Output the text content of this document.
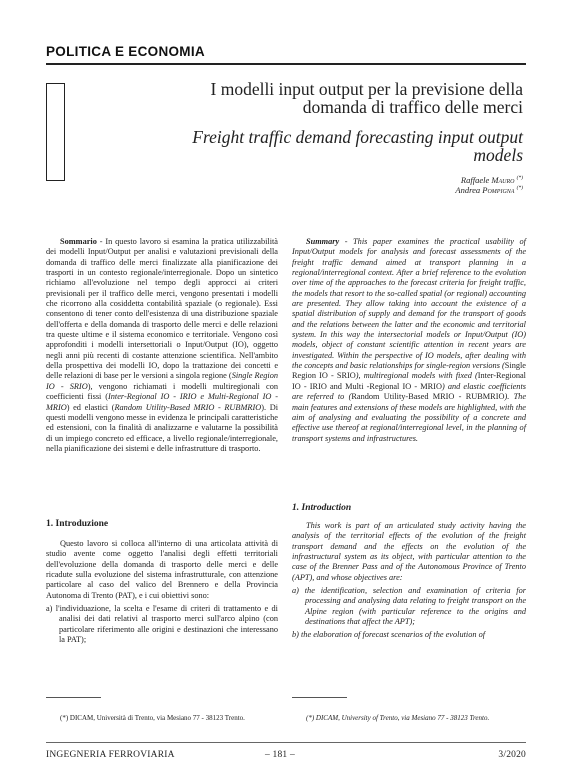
POLITICA E ECONOMIA
I modelli input output per la previsione della domanda di traffico delle merci
Freight traffic demand forecasting input output models
Raffaele Mauro (*)
Andrea Pompigna (*)
Sommario - In questo lavoro si esamina la pratica utilizzabilità dei modelli Input/Output per analisi e valutazioni previsionali della domanda di traffico delle merci finalizzate alla pianificazione dei trasporti in un contesto regionale/interregionale. Dopo un sintetico richiamo all'evoluzione nel tempo degli approcci ai criteri previsionali per il traffico delle merci, vengono presentati i modelli che ricorrono alla cosiddetta contabilità spaziale (o regionale). Essi consentono di tener conto dell'esistenza di una distribuzione spaziale dell'offerta e della domanda di trasporto delle merci e delle relazioni tra queste ultime e il sistema economico e territoriale. Vengono così approfonditi i modelli intersettoriali o Input/Output (IO), oggetto negli anni più recenti di costante attenzione scientifica. Nell'ambito della prospettiva dei modelli IO, dopo la trattazione dei concetti e delle relazioni di base per le versioni a singola regione (Single Region IO - SRIO), vengono richiamati i modelli multiregionali con coefficienti fissi (Inter-Regional IO - IRIO e Multi-Regional IO - MRIO) ed elastici (Random Utility-Based MRIO - RUBMRIO). Di questi modelli vengono messe in evidenza le principali caratteristiche ed estensioni, con la finalità di analizzarne e valutarne la possibilità di un impiego concreto ed efficace, a livello regionale/interregionale, nella pianificazione dei sistemi e delle infrastrutture di trasporto.
Summary - This paper examines the practical usability of Input/Output models for analysis and forecast assessments of the freight traffic demand aimed at transport planning in a regional/interregional context. After a brief reference to the evolution over time of the approaches to the forecast criteria for freight traffic, the models that resort to the so-called spatial (or regional) accounting are presented. They allow taking into account the existence of a spatial distribution of supply and demand for the transport of goods and the relations between the latter and the economic and territorial system. In this way the intersectorial models or Input/Output (IO) models, object of constant scientific attention in recent years are investigated. Within the perspective of IO models, after dealing with the concepts and basic relationships for single-region versions (Single Region IO - SRIO), multiregional models with fixed (Inter-Regional IO - IRIO and Multi -Regional IO - MRIO) and elastic coefficients are referred to (Random Utility-Based MRIO - RUBMRIO). The main features and extensions of these models are highlighted, with the aim of analysing and evaluating the possibility of a concrete and effective use thereof at regional/interregional level, in the planning of transport systems and infrastructures.
1. Introduzione
1. Introduction
Questo lavoro si colloca all'interno di una articolata attività di studio avente come oggetto l'analisi degli effetti territoriali dell'evoluzione della domanda di trasporto delle merci e delle ricadute sulla evoluzione del sistema infrastrutturale, con attenzione particolare al caso del valico del Brennero e della Provincia Autonoma di Trento (PAT), e i cui obiettivi sono:
a) l'individuazione, la scelta e l'esame di criteri di trattamento e di analisi dei dati relativi al trasporto merci sull'arco alpino (con particolare riferimento alle origini e destinazioni che interessano la PAT);
This work is part of an articulated study activity having the analysis of the territorial effects of the evolution of the freight transport demand and the effects on the evolution of the infrastructural system as its object, with particular attention to the case of the Brenner Pass and of the Autonomous Province of Trento (APT), and whose objectives are:
a) the identification, selection and examination of criteria for processing and analysing data relating to freight transport on the Alpine region (with particular reference to the origins and destinations that affect the APT);
b) the elaboration of forecast scenarios of the evolution of
(*) DICAM, Università di Trento, via Mesiano 77 - 38123 Trento.	(*) DICAM, University of Trento, via Mesiano 77 - 38123 Trento.
INGEGNERIA FERROVIARIA	– 181 –	3/2020
